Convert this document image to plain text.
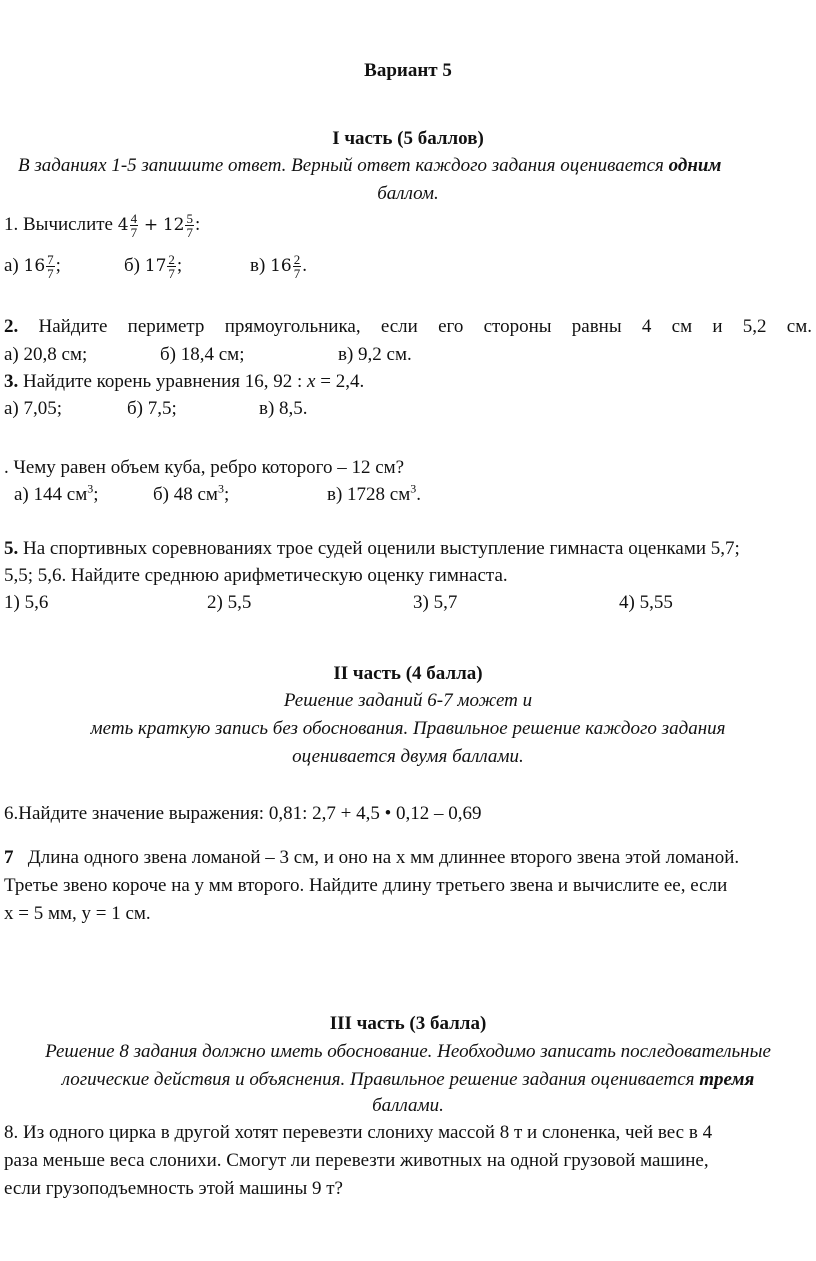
Вариант 5
I часть (5 баллов)
В заданиях 1-5 запишите ответ. Верный ответ каждого задания оценивается одним
баллом.
1. Вычислите $4 \frac{4}{7} + 12 \frac{5}{7}$ :
а) $16 \frac{7}{7}$ ;	б) $17 \frac{2}{7}$ ;	в) $16 \frac{2}{7}$ .
2. Найдите периметр прямоугольника, если его стороны равны 4 см и 5,2 см.
а) 20,8 см;	б) 18,4 см;	в) 9,2 см.
3. Найдите корень уравнения 16, 92 : x = 2,4.
а) 7,05;	б) 7,5;	в) 8,5.
. Чему равен объем куба, ребро которого – 12 см?
а) 144 $см^3$;	б) 48 $см^3$;	в) 1728 $см^3$.
5. На спортивных соревнованиях трое судей оценили выступление гимнаста оценками 5,7;
5,5; 5,6. Найдите среднюю арифметическую оценку гимнаста.
1) 5,6	2) 5,5	3) 5,7	4) 5,55
II часть (4 балла)
Решение заданий 6-7 может и
меть краткую запись без обоснования. Правильное решение каждого задания
оценивается двумя баллами.
6.Найдите значение выражения: 0,81: 2,7 + 4,5 • 0,12 – 0,69
7 Длина одного звена ломаной – 3 см, и оно на х мм длиннее второго звена этой ломаной.
Третье звено короче на у мм второго. Найдите длину третьего звена и вычислите ее, если
х = 5 мм, у = 1 см.
III часть (3 балла)
Решение 8 задания должно иметь обоснование. Необходимо записать последовательные
логические действия и объяснения. Правильное решение задания оценивается тремя
баллами.
8. Из одного цирка в другой хотят перевезти слониху массой 8 т и слоненка, чей вес в 4
раза меньше веса слонихи. Смогут ли перевезти животных на одной грузовой машине,
если грузоподъемность этой машины 9 т?
